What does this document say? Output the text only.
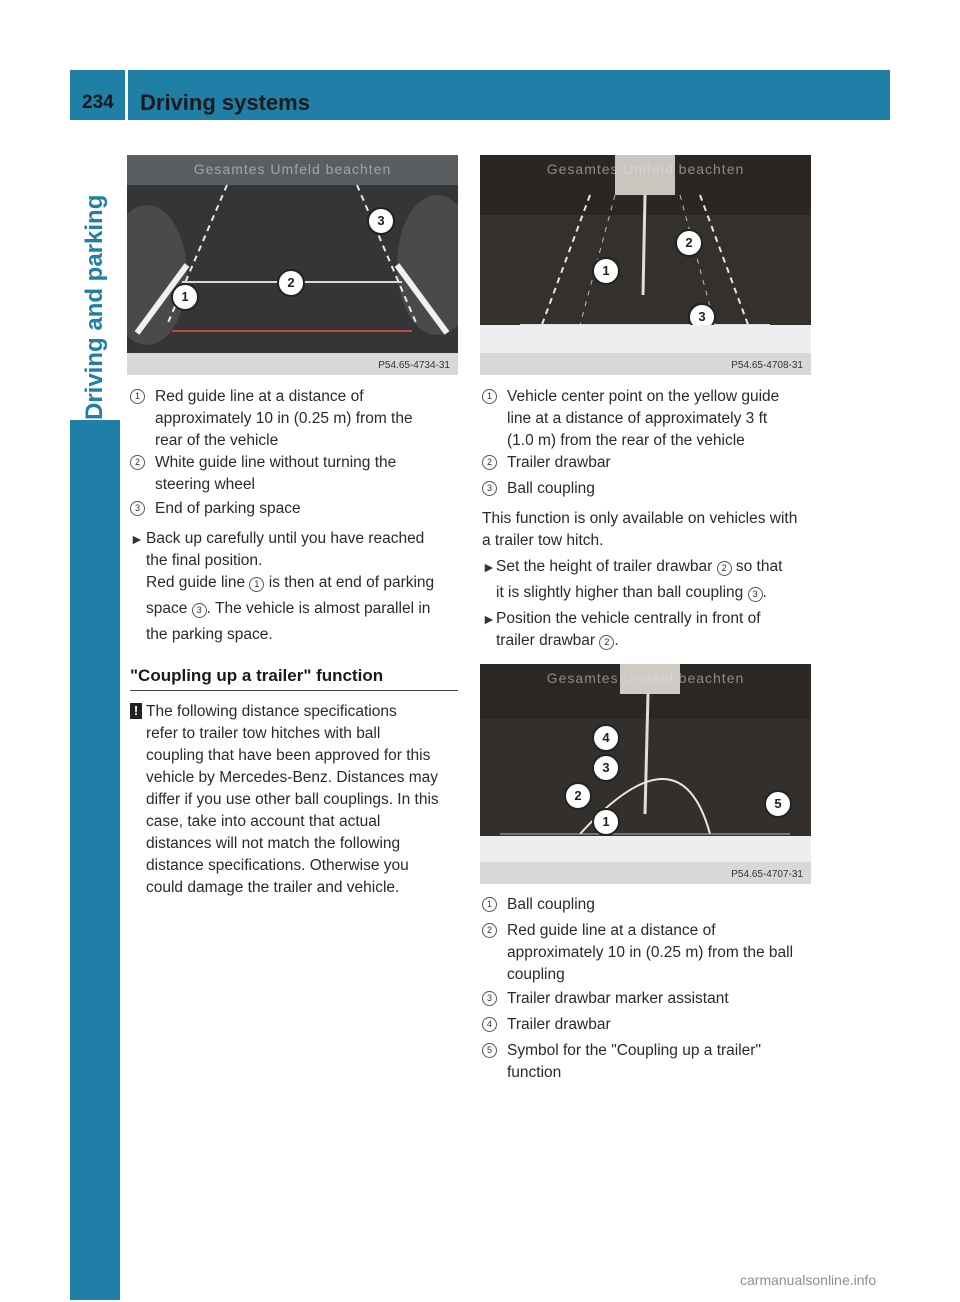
234 Driving systems
Driving and parking
Gesamtes Umfeld beachten
3
2
1
P54.65-4734-31
Gesamtes Umfeld beachten
2
1
3
P54.65-4708-31
Gesamtes Umfeld beachten
4
3
2
5
1
P54.65-4707-31
1 Red guide line at a distance of
approximately 10 in (0.25 m) from the
rear of the vehicle
2 White guide line without turning the
steering wheel
3 End of parking space
► Back up carefully until you have reached
the final position.
Red guide line 1 is then at end of parking
space 3 . The vehicle is almost parallel in
the parking space.
"Coupling up a trailer" function
! The following distance specifications
refer to trailer tow hitches with ball
coupling that have been approved for this
vehicle by Mercedes-Benz. Distances may
differ if you use other ball couplings. In this
case, take into account that actual
distances will not match the following
distance specifications. Otherwise you
could damage the trailer and vehicle.
1 Vehicle center point on the yellow guide
line at a distance of approximately 3 ft
(1.0 m) from the rear of the vehicle
2 Trailer drawbar
3 Ball coupling
This function is only available on vehicles with
a trailer tow hitch.
► Set the height of trailer drawbar 2 so that
it is slightly higher than ball coupling 3 .
► Position the vehicle centrally in front of
trailer drawbar 2 .
1 Ball coupling
2 Red guide line at a distance of
approximately 10 in (0.25 m) from the ball
coupling
3 Trailer drawbar marker assistant
4 Trailer drawbar
5 Symbol for the "Coupling up a trailer"
function
carmanualsonline.info
